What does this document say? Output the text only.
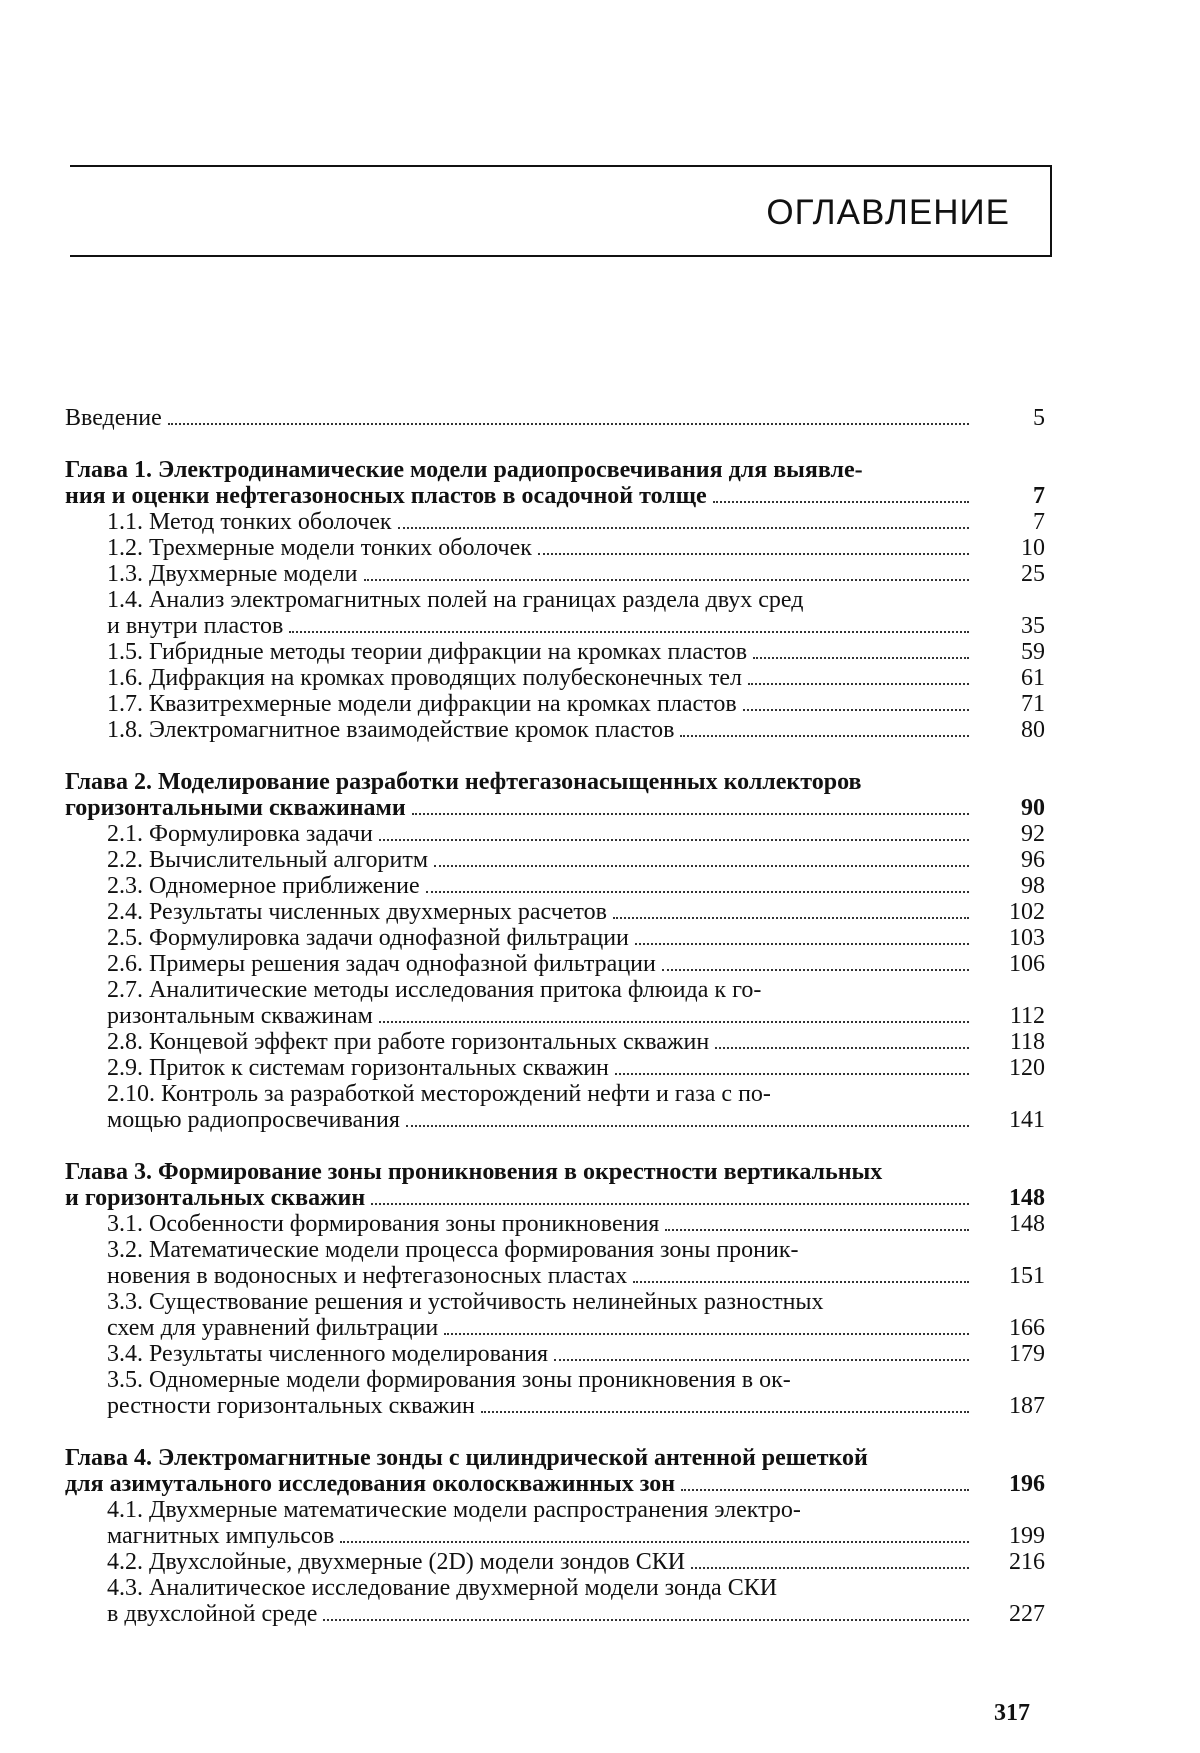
ОГЛАВЛЕНИЕ
Введение	5
Глава 1. Электродинамические модели радиопросвечивания для выявле-
ния и оценки нефтегазоносных пластов в осадочной толще	7
1.1. Метод тонких оболочек	7
1.2. Трехмерные модели тонких оболочек	10
1.3. Двухмерные модели	25
1.4. Анализ электромагнитных полей на границах раздела двух сред
и внутри пластов	35
1.5. Гибридные методы теории дифракции на кромках пластов	59
1.6. Дифракция на кромках проводящих полубесконечных тел	61
1.7. Квазитрехмерные модели дифракции на кромках пластов	71
1.8. Электромагнитное взаимодействие кромок пластов	80
Глава 2. Моделирование разработки нефтегазонасыщенных коллекторов
горизонтальными скважинами	90
2.1. Формулировка задачи	92
2.2. Вычислительный алгоритм	96
2.3. Одномерное приближение	98
2.4. Результаты численных двухмерных расчетов	102
2.5. Формулировка задачи однофазной фильтрации	103
2.6. Примеры решения задач однофазной фильтрации	106
2.7. Аналитические методы исследования притока флюида к го-
ризонтальным скважинам	112
2.8. Концевой эффект при работе горизонтальных скважин	118
2.9. Приток к системам горизонтальных скважин	120
2.10. Контроль за разработкой месторождений нефти и газа с по-
мощью радиопросвечивания	141
Глава 3. Формирование зоны проникновения в окрестности вертикальных
и горизонтальных скважин	148
3.1. Особенности формирования зоны проникновения	148
3.2. Математические модели процесса формирования зоны проник-
новения в водоносных и нефтегазоносных пластах	151
3.3. Существование решения и устойчивость нелинейных разностных
схем для уравнений фильтрации	166
3.4. Результаты численного моделирования	179
3.5. Одномерные модели формирования зоны проникновения в ок-
рестности горизонтальных скважин	187
Глава 4. Электромагнитные зонды с цилиндрической антенной решеткой
для азимутального исследования околоскважинных зон	196
4.1. Двухмерные математические модели распространения электро-
магнитных импульсов	199
4.2. Двухслойные, двухмерные (2D) модели зондов СКИ	216
4.3. Аналитическое исследование двухмерной модели зонда СКИ
в двухслойной среде	227
317
